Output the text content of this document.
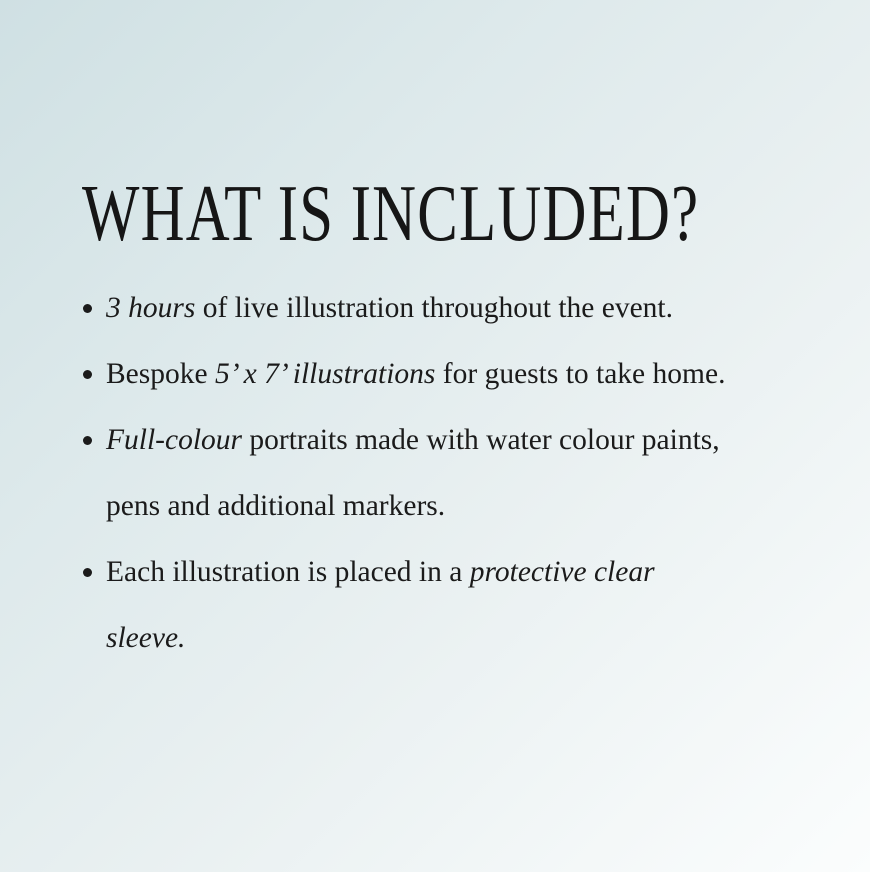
WHAT IS INCLUDED?
3 hours of live illustration throughout the event.
Bespoke 5’ x 7’ illustrations for guests to take home.
Full-colour portraits made with water colour paints,
pens and additional markers.
Each illustration is placed in a protective clear
sleeve.
